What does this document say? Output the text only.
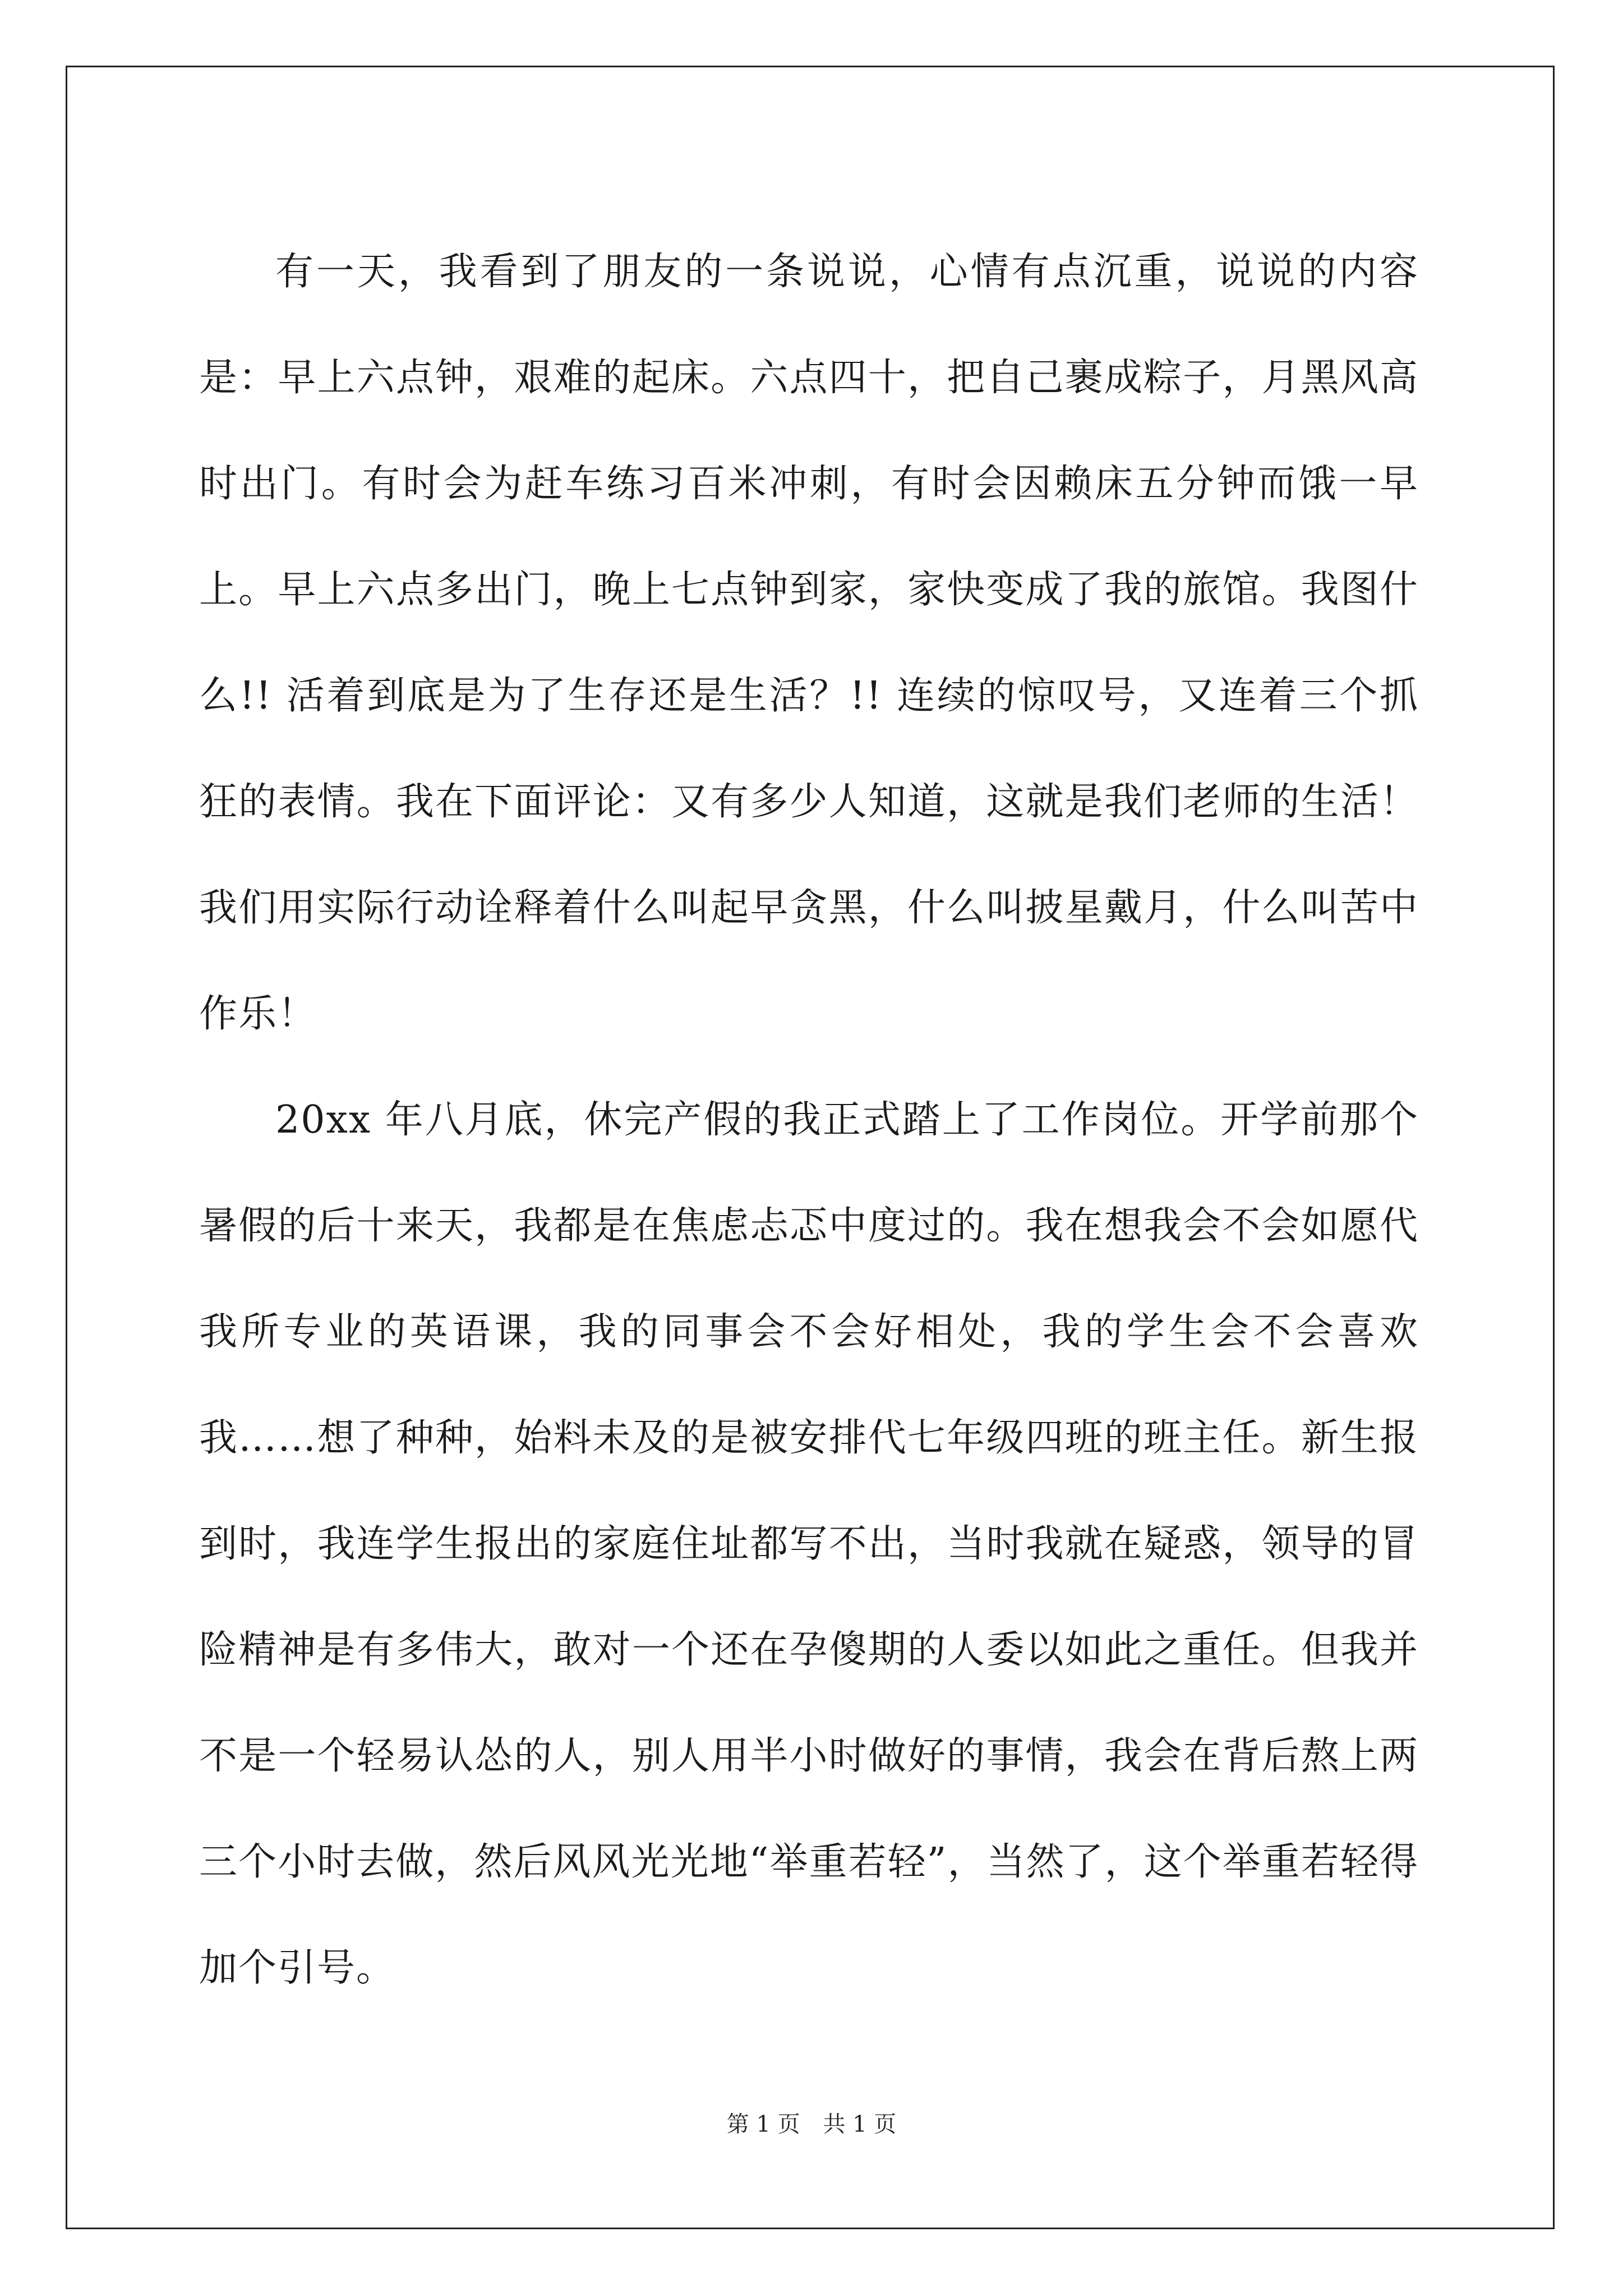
有一天，我看到了朋友的一条说说，心情有点沉重，说说的内容是：早上六点钟，艰难的起床。六点四十，把自己裹成粽子，月黑风高时出门。有时会为赶车练习百米冲刺，有时会因赖床五分钟而饿一早上。早上六点多出门，晚上七点钟到家，家快变成了我的旅馆。我图什么!! 活着到底是为了生存还是生活？!! 连续的惊叹号，又连着三个抓狂的表情。我在下面评论：又有多少人知道，这就是我们老师的生活！我们用实际行动诠释着什么叫起早贪黑，什么叫披星戴月，什么叫苦中作乐！

20xx 年八月底，休完产假的我正式踏上了工作岗位。开学前那个暑假的后十来天，我都是在焦虑忐忑中度过的。我在想我会不会如愿代我所专业的英语课，我的同事会不会好相处，我的学生会不会喜欢我……想了种种，始料未及的是被安排代七年级四班的班主任。新生报到时，我连学生报出的家庭住址都写不出，当时我就在疑惑，领导的冒险精神是有多伟大，敢对一个还在孕傻期的人委以如此之重任。但我并不是一个轻易认怂的人，别人用半小时做好的事情，我会在背后熬上两三个小时去做，然后风风光光地“举重若轻”，当然了，这个举重若轻得加个引号。

第 1 页 共 1 页
